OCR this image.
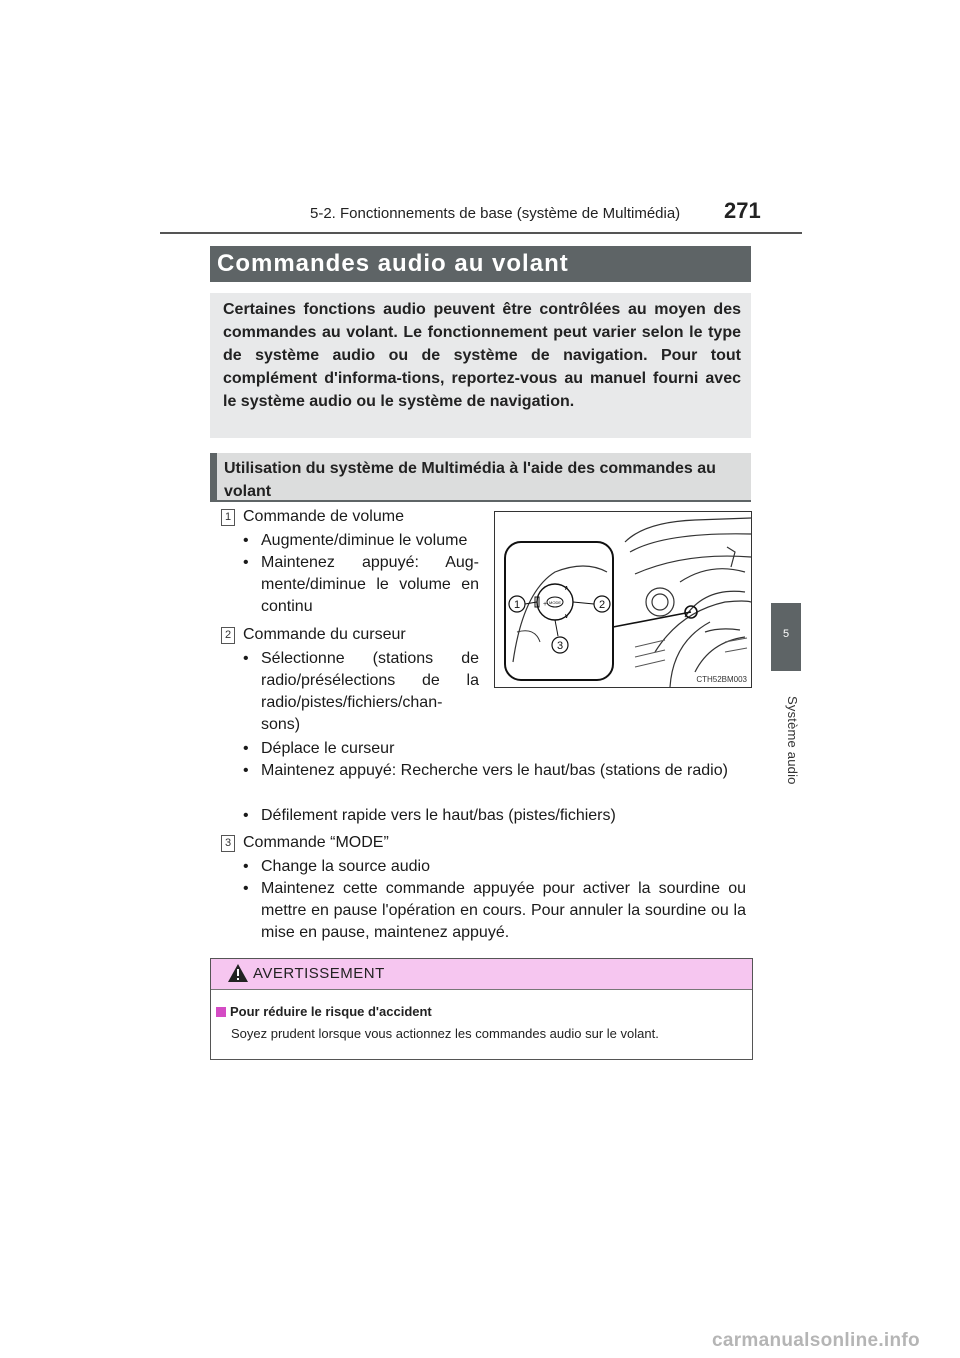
5-2. Fonctionnements de base (système de Multimédia) 271
5
Système audio
Commandes audio au volant
Certaines fonctions audio peuvent être contrôlées au moyen des commandes au volant. Le fonctionnement peut varier selon le type de système audio ou de système de navigation. Pour tout complément d'informa-tions, reportez-vous au manuel fourni avec le système audio ou le système de navigation.
Utilisation du système de Multimédia à l'aide des commandes au volant
1 Commande de volume
• Augmente/diminue le volume
• Maintenez appuyé: Aug-mente/diminue le volume en continu
2 Commande du curseur
• Sélectionne (stations de radio/présélections de la radio/pistes/fichiers/chan-sons)
• Déplace le curseur
• Maintenez appuyé: Recherche vers le haut/bas (stations de radio)
• Défilement rapide vers le haut/bas (pistes/fichiers)
3 Commande “MODE”
• Change la source audio
• Maintenez cette commande appuyée pour activer la sourdine ou mettre en pause l'opération en cours. Pour annuler la sourdine ou la mise en pause, maintenez appuyé.
MODE
+
∧
∨
1	2
3
CTH52BM003
AVERTISSEMENT
Pour réduire le risque d'accident
Soyez prudent lorsque vous actionnez les commandes audio sur le volant.
carmanualsonline.info
